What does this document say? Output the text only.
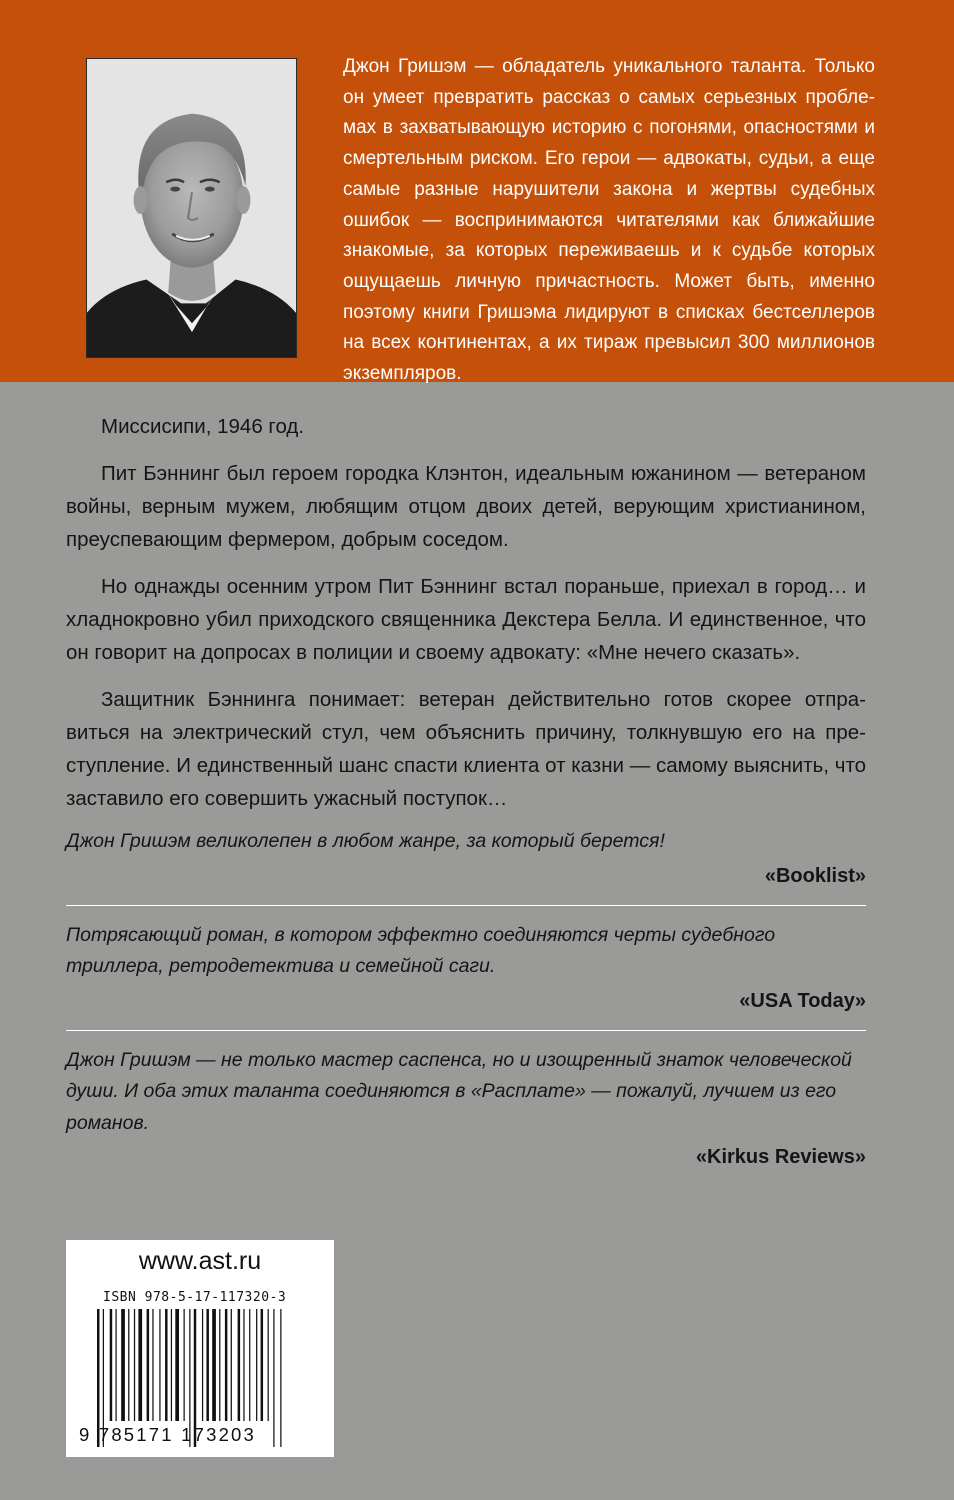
Джон Гришэм — обладатель уникального таланта. Только он умеет превратить рассказ о самых серьезных проблемах в захватывающую историю с погонями, опасностями и смертельным риском. Его герои — адвокаты, судьи, а еще самые разные нарушители закона и жертвы судебных ошибок — воспринимаются читателями как ближайшие знакомые, за которых переживаешь и к судьбе которых ощущаешь личную причастность. Может быть, именно поэтому книги Гришэма лидируют в списках бестселлеров на всех континентах, а их тираж превысил 300 миллионов экземпляров.

Миссисипи, 1946 год.

Пит Бэннинг был героем городка Клэнтон, идеальным южанином — ветераном войны, верным мужем, любящим отцом двоих детей, верующим христианином, преуспевающим фермером, добрым соседом.

Но однажды осенним утром Пит Бэннинг встал пораньше, приехал в город… и хладнокровно убил приходского священника Декстера Белла. И единственное, что он говорит на допросах в полиции и своему адвокату: «Мне нечего сказать».

Защитник Бэннинга понимает: ветеран действительно готов скорее отправиться на электрический стул, чем объяснить причину, толкнувшую его на преступление. И единственный шанс спасти клиента от казни — самому выяснить, что заставило его совершить ужасный поступок…

Джон Гришэм великолепен в любом жанре, за который берется!
«Booklist»
Потрясающий роман, в котором эффектно соединяются черты судебного триллера, ретродетектива и семейной саги.
«USA Today»
Джон Гришэм — не только мастер саспенса, но и изощренный знаток человеческой души. И оба этих таланта соединяются в «Расплате» — пожалуй, лучшем из его романов.
«Kirkus Reviews»
www.ast.ru
ISBN 978-5-17-117320-3
9 785171 173203
